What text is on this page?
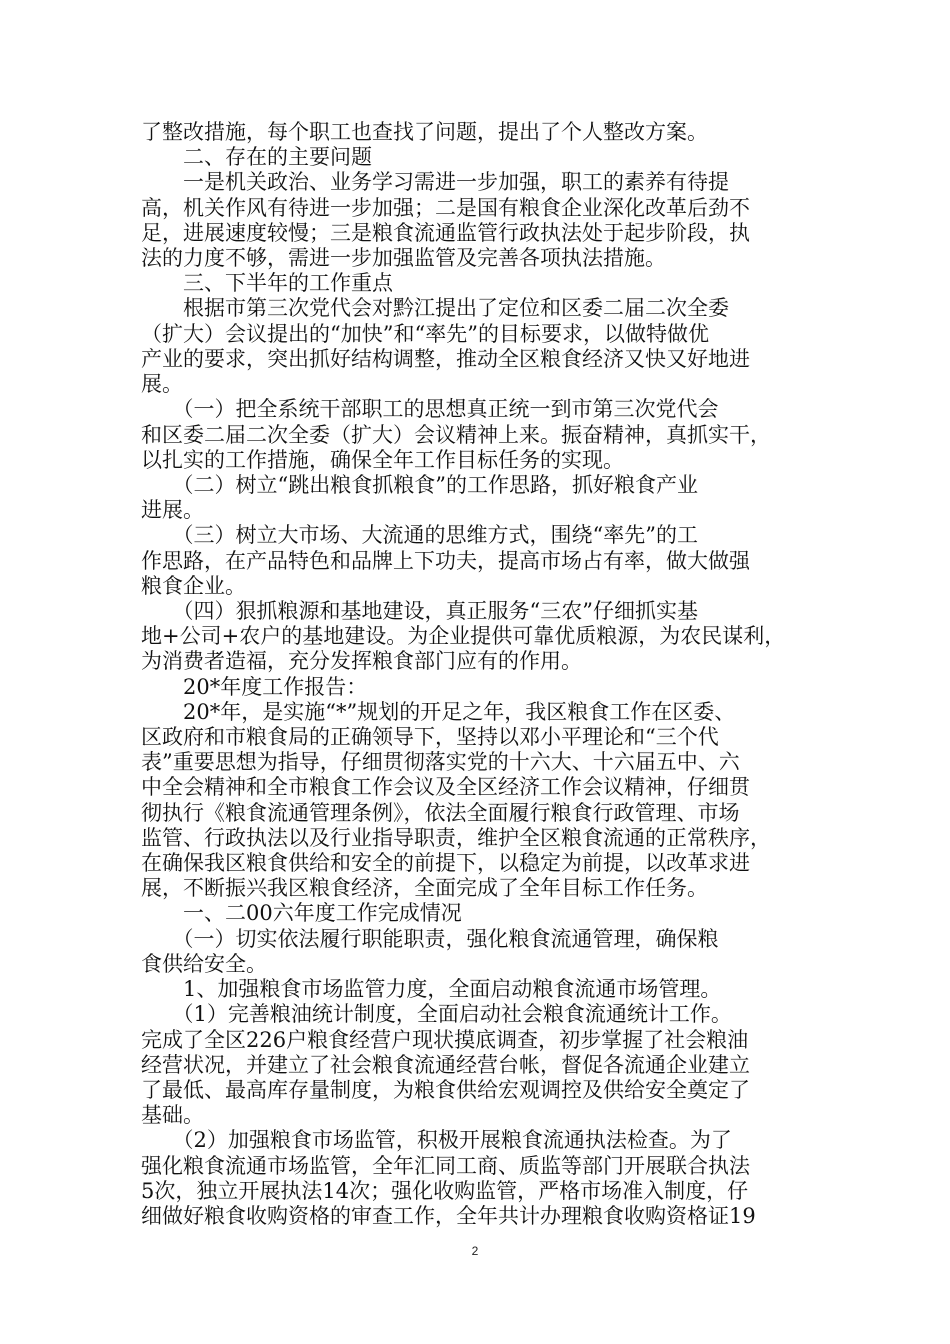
了整改措施，每个职工也查找了问题，提出了个人整改方案。
　　二、存在的主要问题
　　一是机关政治、业务学习需进一步加强，职工的素养有待提
高，机关作风有待进一步加强；二是国有粮食企业深化改革后劲不
足，进展速度较慢；三是粮食流通监管行政执法处于起步阶段，执
法的力度不够，需进一步加强监管及完善各项执法措施。
　　三、下半年的工作重点
　　根据市第三次党代会对黔江提出了定位和区委二届二次全委
（扩大）会议提出的“加快”和“率先”的目标要求，以做特做优
产业的要求，突出抓好结构调整，推动全区粮食经济又快又好地进
展。
　　（一）把全系统干部职工的思想真正统一到市第三次党代会
和区委二届二次全委（扩大）会议精神上来。振奋精神，真抓实干，
以扎实的工作措施，确保全年工作目标任务的实现。
　　（二）树立“跳出粮食抓粮食”的工作思路，抓好粮食产业
进展。
　　（三）树立大市场、大流通的思维方式，围绕“率先”的工
作思路，在产品特色和品牌上下功夫，提高市场占有率，做大做强
粮食企业。
　　（四）狠抓粮源和基地建设，真正服务“三农”仔细抓实基
地+公司+农户的基地建设。为企业提供可靠优质粮源，为农民谋利，
为消费者造福，充分发挥粮食部门应有的作用。
　　20*年度工作报告：
　　20*年，是实施“*”规划的开足之年，我区粮食工作在区委、
区政府和市粮食局的正确领导下，坚持以邓小平理论和“三个代
表”重要思想为指导，仔细贯彻落实党的十六大、十六届五中、六
中全会精神和全市粮食工作会议及全区经济工作会议精神，仔细贯
彻执行《粮食流通管理条例》，依法全面履行粮食行政管理、市场
监管、行政执法以及行业指导职责，维护全区粮食流通的正常秩序，
在确保我区粮食供给和安全的前提下，以稳定为前提，以改革求进
展，不断振兴我区粮食经济，全面完成了全年目标工作任务。
　　一、二00六年度工作完成情况
　　（一）切实依法履行职能职责，强化粮食流通管理，确保粮
食供给安全。
　　1、加强粮食市场监管力度，全面启动粮食流通市场管理。
　　（1）完善粮油统计制度，全面启动社会粮食流通统计工作。
完成了全区226户粮食经营户现状摸底调查，初步掌握了社会粮油
经营状况，并建立了社会粮食流通经营台帐，督促各流通企业建立
了最低、最高库存量制度，为粮食供给宏观调控及供给安全奠定了
基础。
　　（2）加强粮食市场监管，积极开展粮食流通执法检查。为了
强化粮食流通市场监管，全年汇同工商、质监等部门开展联合执法
5次，独立开展执法14次；强化收购监管，严格市场准入制度，仔
细做好粮食收购资格的审查工作，全年共计办理粮食收购资格证19
2
